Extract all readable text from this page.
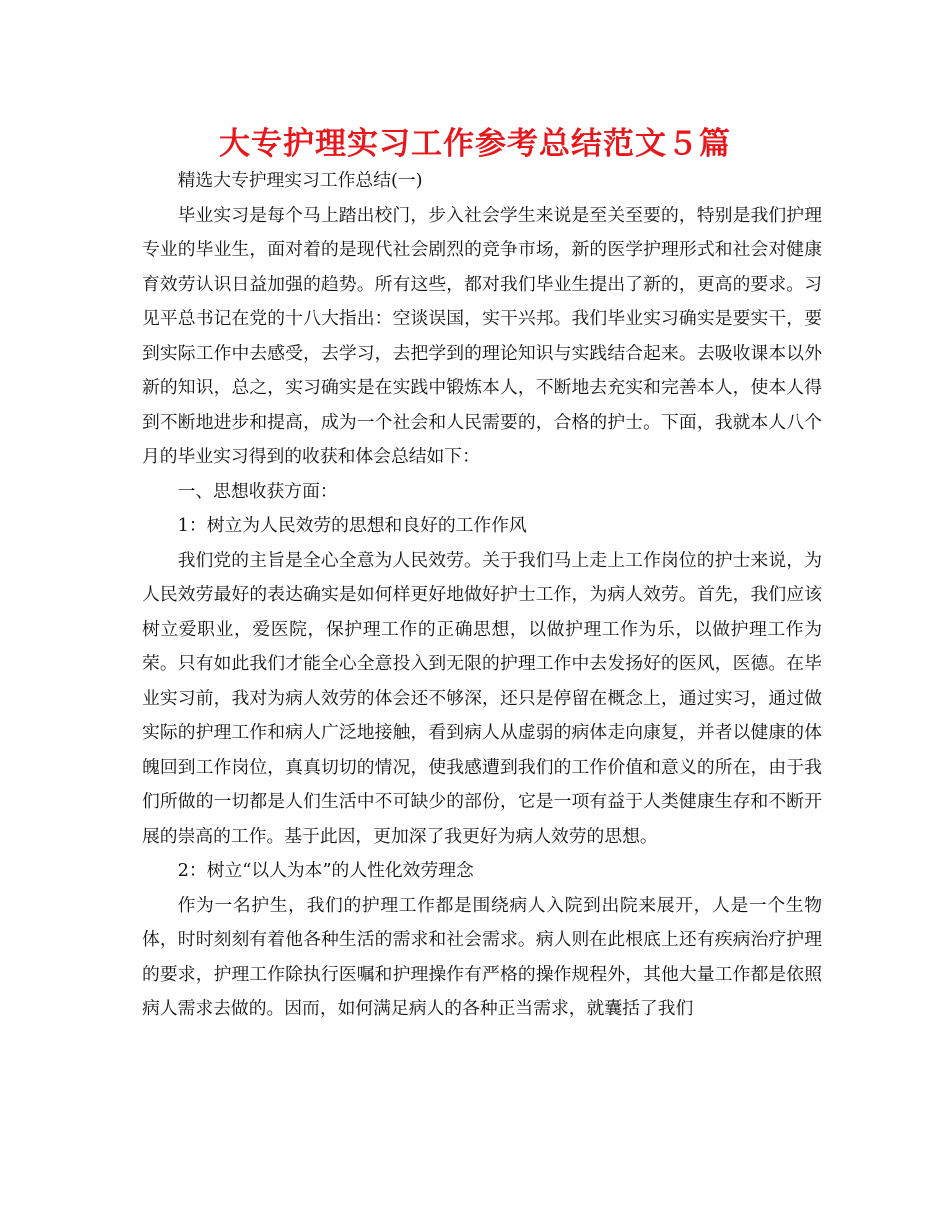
大专护理实习工作参考总结范文５篇

精选大专护理实习工作总结(一)

毕业实习是每个马上踏出校门，步入社会学生来说是至关至要的，特别是我们护理专业的毕业生，面对着的是现代社会剧烈的竞争市场，新的医学护理形式和社会对健康育效劳认识日益加强的趋势。所有这些，都对我们毕业生提出了新的，更高的要求。习见平总书记在党的十八大指出：空谈误国，实干兴邦。我们毕业实习确实是要实干，要到实际工作中去感受，去学习，去把学到的理论知识与实践结合起来。去吸收课本以外新的知识，总之，实习确实是在实践中锻炼本人，不断地去充实和完善本人，使本人得到不断地进步和提高，成为一个社会和人民需要的，合格的护士。下面，我就本人八个月的毕业实习得到的收获和体会总结如下：

一、思想收获方面：

1：树立为人民效劳的思想和良好的工作作风

我们党的主旨是全心全意为人民效劳。关于我们马上走上工作岗位的护士来说，为人民效劳最好的表达确实是如何样更好地做好护士工作，为病人效劳。首先，我们应该树立爱职业，爱医院，保护理工作的正确思想，以做护理工作为乐，以做护理工作为荣。只有如此我们才能全心全意投入到无限的护理工作中去发扬好的医风，医德。在毕业实习前，我对为病人效劳的体会还不够深，还只是停留在概念上，通过实习，通过做实际的护理工作和病人广泛地接触，看到病人从虚弱的病体走向康复，并者以健康的体魄回到工作岗位，真真切切的情况，使我感遭到我们的工作价值和意义的所在，由于我们所做的一切都是人们生活中不可缺少的部份，它是一项有益于人类健康生存和不断开展的崇高的工作。基于此因，更加深了我更好为病人效劳的思想。

2：树立“以人为本”的人性化效劳理念

作为一名护生，我们的护理工作都是围绕病人入院到出院来展开，人是一个生物体，时时刻刻有着他各种生活的需求和社会需求。病人则在此根底上还有疾病治疗护理的要求，护理工作除执行医嘱和护理操作有严格的操作规程外，其他大量工作都是依照病人需求去做的。因而，如何满足病人的各种正当需求，就囊括了我们
